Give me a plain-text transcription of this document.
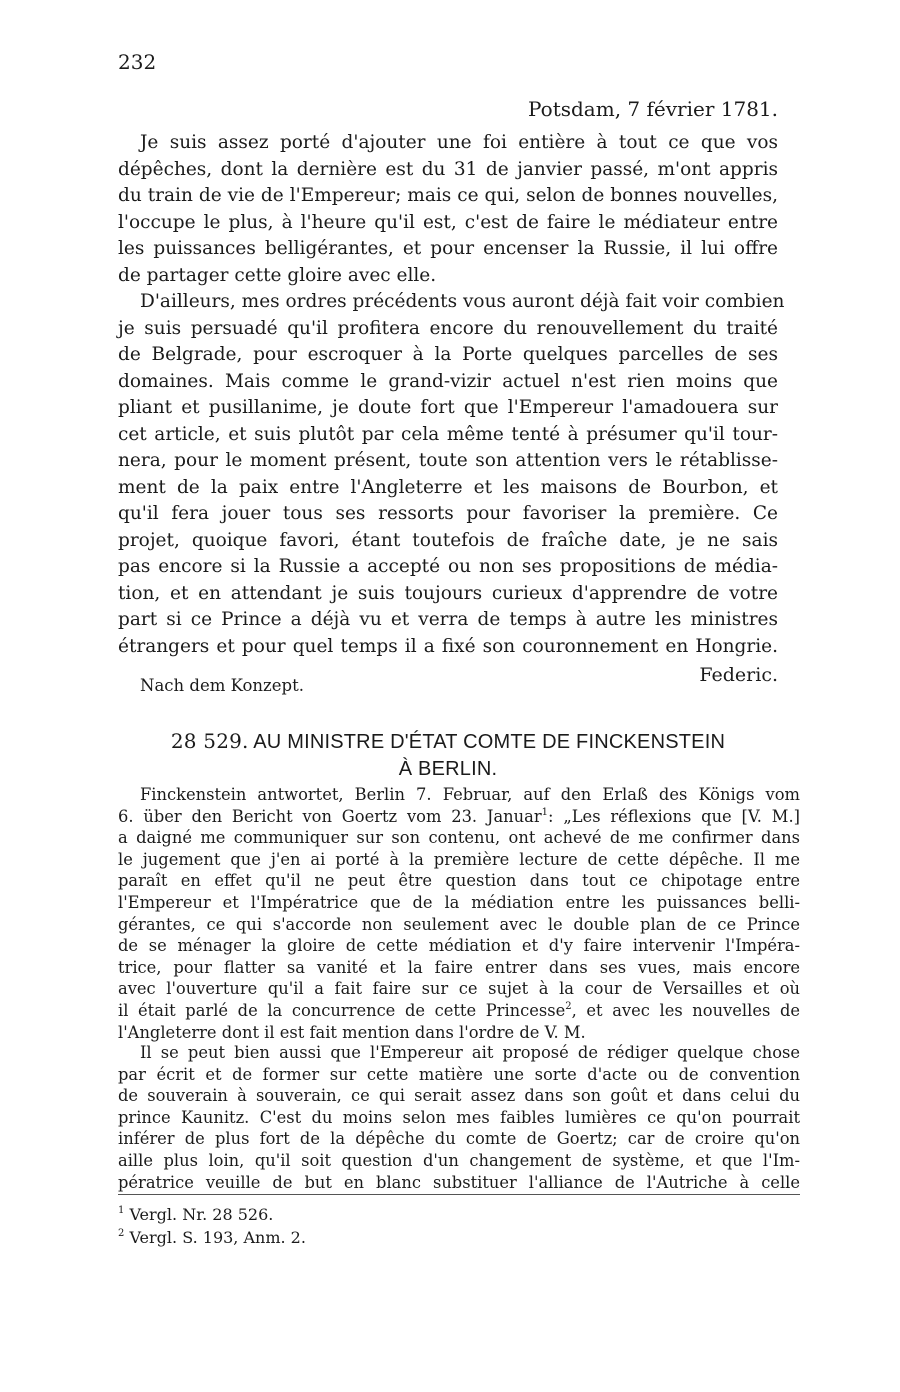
232
Potsdam, 7 février 1781.
Je suis assez porté d'ajouter une foi entière à tout ce que vos
dépêches, dont la dernière est du 31 de janvier passé, m'ont appris
du train de vie de l'Empereur; mais ce qui, selon de bonnes nouvelles,
l'occupe le plus, à l'heure qu'il est, c'est de faire le médiateur entre
les puissances belligérantes, et pour encenser la Russie, il lui offre
de partager cette gloire avec elle.
D'ailleurs, mes ordres précédents vous auront déjà fait voir combien
je suis persuadé qu'il profitera encore du renouvellement du traité
de Belgrade, pour escroquer à la Porte quelques parcelles de ses
domaines. Mais comme le grand-vizir actuel n'est rien moins que
pliant et pusillanime, je doute fort que l'Empereur l'amadouera sur
cet article, et suis plutôt par cela même tenté à présumer qu'il tour-
nera, pour le moment présent, toute son attention vers le rétablisse-
ment de la paix entre l'Angleterre et les maisons de Bourbon, et
qu'il fera jouer tous ses ressorts pour favoriser la première. Ce
projet, quoique favori, étant toutefois de fraîche date, je ne sais
pas encore si la Russie a accepté ou non ses propositions de média-
tion, et en attendant je suis toujours curieux d'apprendre de votre
part si ce Prince a déjà vu et verra de temps à autre les ministres
étrangers et pour quel temps il a fixé son couronnement en Hongrie.
Federic.
Nach dem Konzept.
28 529. AU MINISTRE D'ÉTAT COMTE DE FINCKENSTEIN
À BERLIN.
Finckenstein antwortet, Berlin 7. Februar, auf den Erlaß des Königs vom
6. über den Bericht von Goertz vom 23. Januar$^1$: „Les réflexions que [V. M.]
a daigné me communiquer sur son contenu, ont achevé de me confirmer dans
le jugement que j'en ai porté à la première lecture de cette dépêche. Il me
paraît en effet qu'il ne peut être question dans tout ce chipotage entre
l'Empereur et l'Impératrice que de la médiation entre les puissances belli-
gérantes, ce qui s'accorde non seulement avec le double plan de ce Prince
de se ménager la gloire de cette médiation et d'y faire intervenir l'Impéra-
trice, pour flatter sa vanité et la faire entrer dans ses vues, mais encore
avec l'ouverture qu'il a fait faire sur ce sujet à la cour de Versailles et où
il était parlé de la concurrence de cette Princesse$^2$, et avec les nouvelles de
l'Angleterre dont il est fait mention dans l'ordre de V. M.
Il se peut bien aussi que l'Empereur ait proposé de rédiger quelque chose
par écrit et de former sur cette matière une sorte d'acte ou de convention
de souverain à souverain, ce qui serait assez dans son goût et dans celui du
prince Kaunitz. C'est du moins selon mes faibles lumières ce qu'on pourrait
inférer de plus fort de la dépêche du comte de Goertz; car de croire qu'on
aille plus loin, qu'il soit question d'un changement de système, et que l'Im-
pératrice veuille de but en blanc substituer l'alliance de l'Autriche à celle
$^1$ Vergl. Nr. 28 526.
$^2$ Vergl. S. 193, Anm. 2.
